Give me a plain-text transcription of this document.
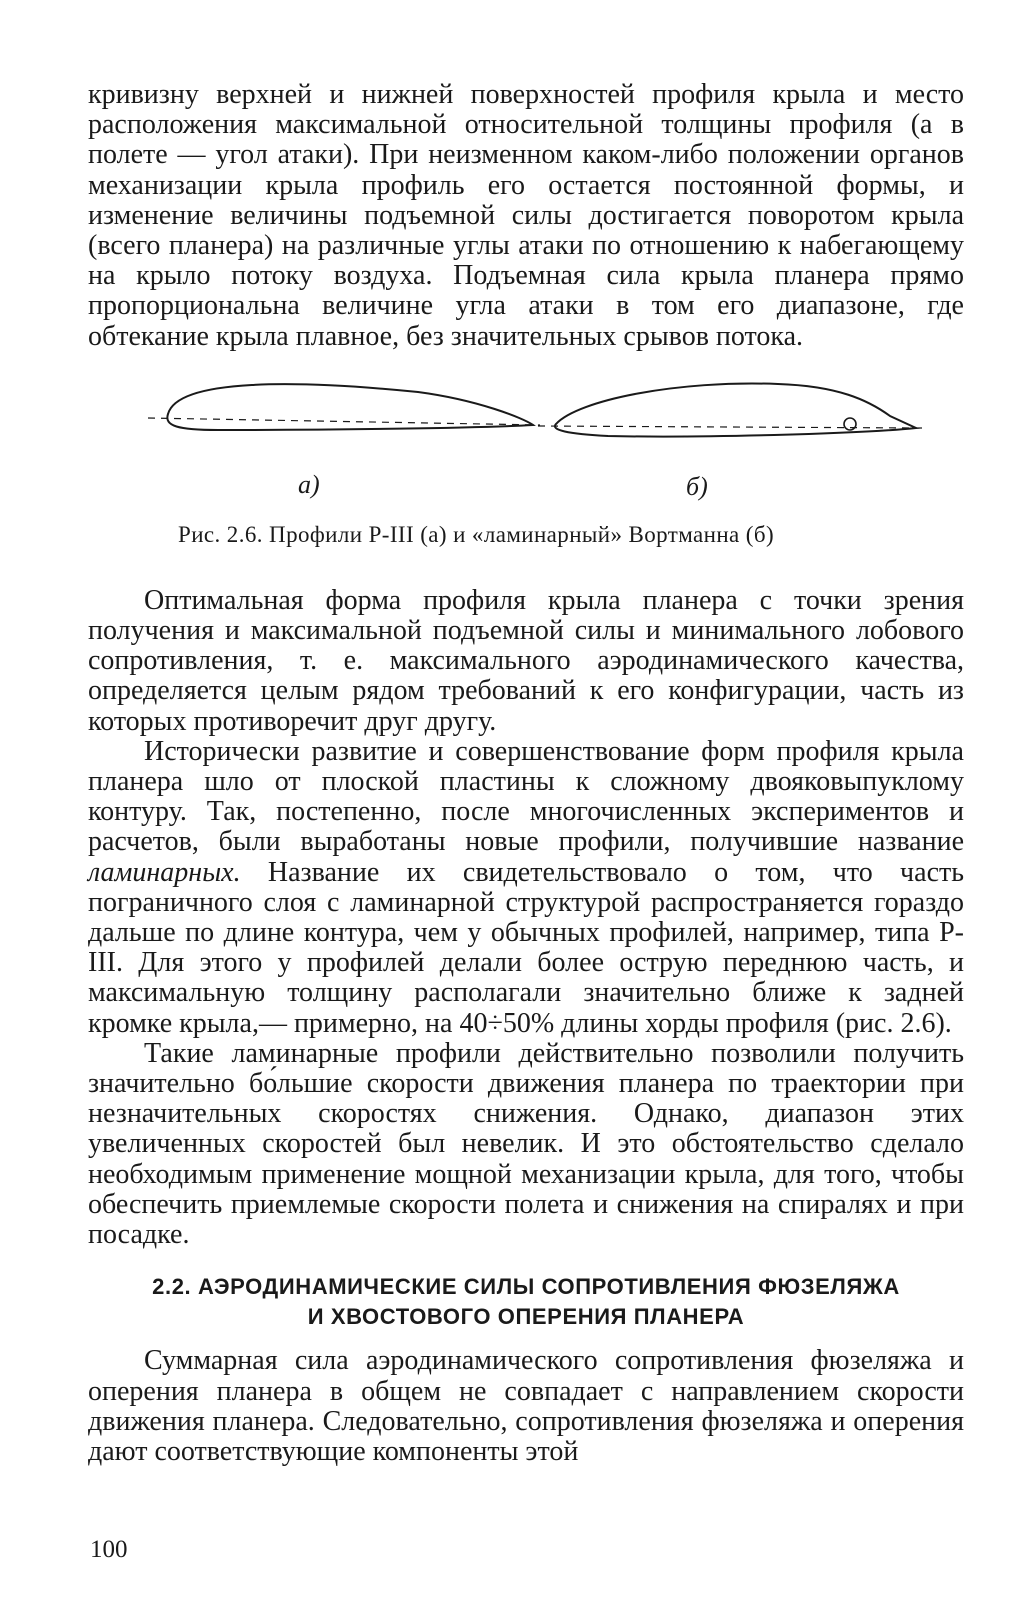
кривизну верхней и нижней поверхностей профиля крыла и место расположения максимальной относительной толщины профиля (а в полете — угол атаки). При неизменном каком-либо положении органов механизации крыла профиль его остается постоянной формы, и изменение величины подъемной силы достигается поворотом крыла (всего планера) на различные углы атаки по отношению к набегающему на крыло потоку воздуха. Подъемная сила крыла планера прямо пропорциональна величине угла атаки в том его диапазоне, где обтекание крыла плавное, без значительных срывов потока.

а)	б)
Рис. 2.6. Профили Р-III (а) и «ламинарный» Вортманна (б)

Оптимальная форма профиля крыла планера с точки зрения получения и максимальной подъемной силы и минимального лобового сопротивления, т. е. максимального аэродинамического качества, определяется целым рядом требований к его конфигурации, часть из которых противоречит друг другу.

Исторически развитие и совершенствование форм профиля крыла планера шло от плоской пластины к сложному двояковыпуклому контуру. Так, постепенно, после многочисленных экспериментов и расчетов, были выработаны новые профили, получившие название ламинарных. Название их свидетельствовало о том, что часть пограничного слоя с ламинарной структурой распространяется гораздо дальше по длине контура, чем у обычных профилей, например, типа Р-III. Для этого у профилей делали более острую переднюю часть, и максимальную толщину располагали значительно ближе к задней кромке крыла,— примерно, на 40÷50% длины хорды профиля (рис. 2.6).

Такие ламинарные профили действительно позволили получить значительно бо́льшие скорости движения планера по траектории при незначительных скоростях снижения. Однако, диапазон этих увеличенных скоростей был невелик. И это обстоятельство сделало необходимым применение мощной механизации крыла, для того, чтобы обеспечить приемлемые скорости полета и снижения на спиралях и при посадке.

2.2. АЭРОДИНАМИЧЕСКИЕ СИЛЫ СОПРОТИВЛЕНИЯ ФЮЗЕЛЯЖА
И ХВОСТОВОГО ОПЕРЕНИЯ ПЛАНЕРА

Суммарная сила аэродинамического сопротивления фюзеляжа и оперения планера в общем не совпадает с направлением скорости движения планера. Следовательно, сопротивления фюзеляжа и оперения дают соответствующие компоненты этой

100
